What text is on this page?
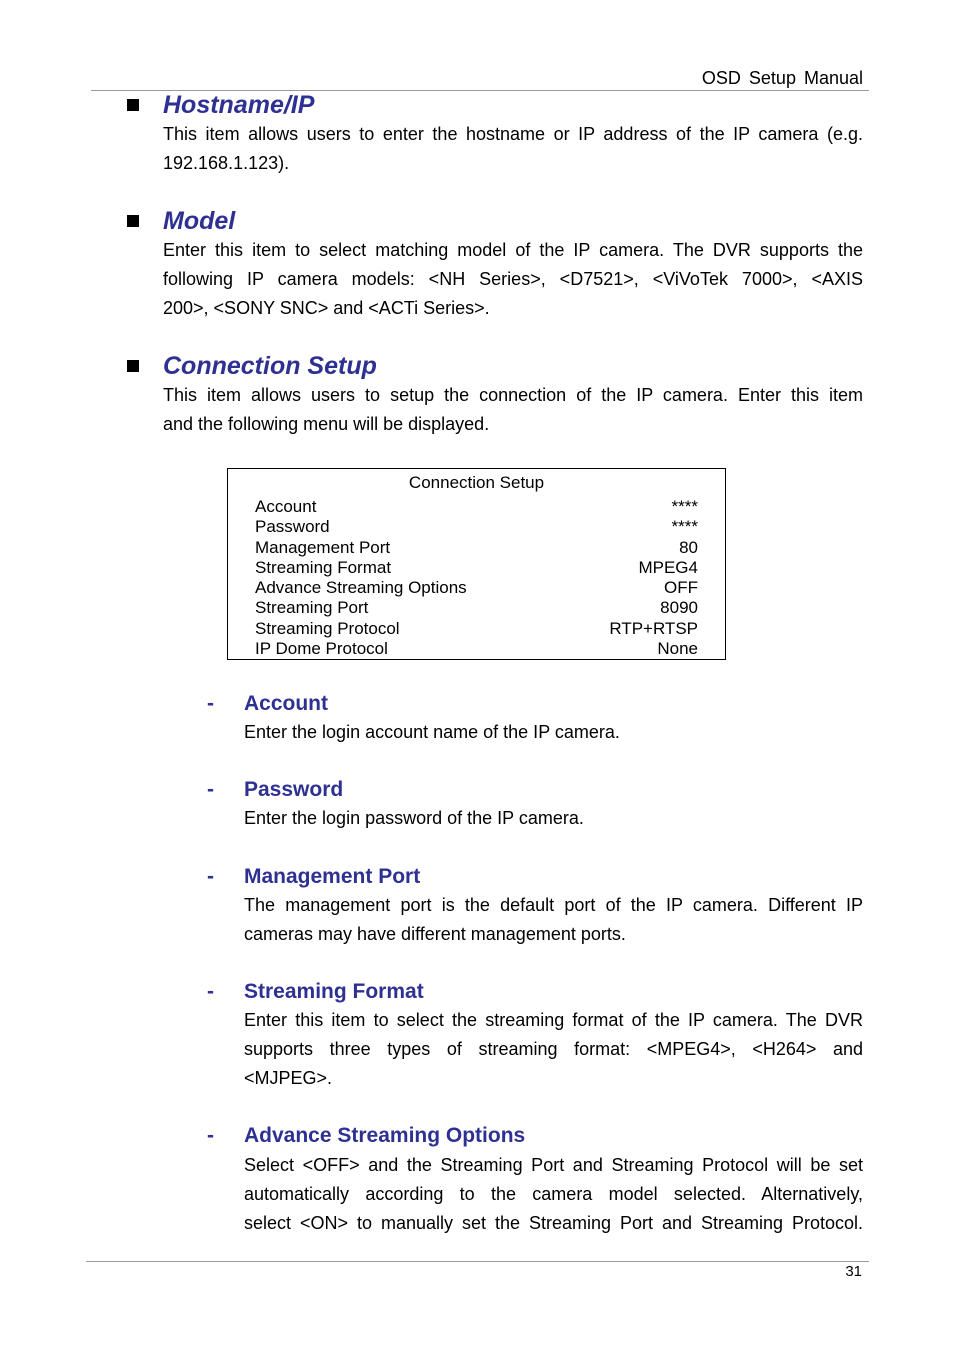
OSD Setup Manual
Hostname/IP
This item allows users to enter the hostname or IP address of the IP camera (e.g.
192.168.1.123).
Model
Enter this item to select matching model of the IP camera. The DVR supports the
following IP camera models: <NH Series>, <D7521>, <ViVoTek 7000>, <AXIS
200>, <SONY SNC> and <ACTi Series>.
Connection Setup
This item allows users to setup the connection of the IP camera. Enter this item
and the following menu will be displayed.
Connection Setup
Account	****
Password	****
Management Port	80
Streaming Format	MPEG4
Advance Streaming Options	OFF
Streaming Port	8090
Streaming Protocol	RTP+RTSP
IP Dome Protocol	None
- Account
Enter the login account name of the IP camera.
- Password
Enter the login password of the IP camera.
- Management Port
The management port is the default port of the IP camera. Different IP
cameras may have different management ports.
- Streaming Format
Enter this item to select the streaming format of the IP camera. The DVR
supports three types of streaming format: <MPEG4>, <H264> and
<MJPEG>.
- Advance Streaming Options
Select <OFF> and the Streaming Port and Streaming Protocol will be set
automatically according to the camera model selected. Alternatively,
select <ON> to manually set the Streaming Port and Streaming Protocol.
31
